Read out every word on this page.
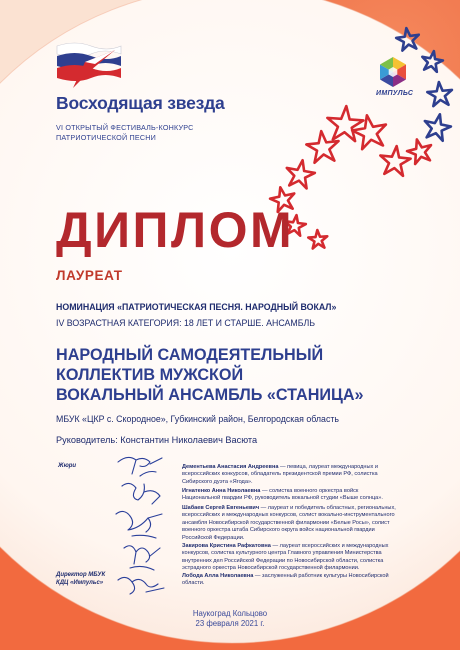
Восходящая звезда
VI ОТКРЫТЫЙ ФЕСТИВАЛЬ-КОНКУРС
ПАТРИОТИЧЕСКОЙ ПЕСНИ
ИМПУЛЬС
ДИПЛОМ
ЛАУРЕАТ
НОМИНАЦИЯ «ПАТРИОТИЧЕСКАЯ ПЕСНЯ. НАРОДНЫЙ ВОКАЛ»
IV ВОЗРАСТНАЯ КАТЕГОРИЯ: 18 ЛЕТ И СТАРШЕ. АНСАМБЛЬ
НАРОДНЫЙ САМОДЕЯТЕЛЬНЫЙ
КОЛЛЕКТИВ МУЖСКОЙ
ВОКАЛЬНЫЙ АНСАМБЛЬ «СТАНИЦА»
МБУК «ЦКР с. Скородное», Губкинский район, Белгородская область
Руководитель: Константин Николаевич Васюта
Жюри	Дементьева Анастасия Андреевна — певица, лауреат международных и всероссийских конкурсов, обладатель президентской премии РФ, солистка Сибирского дуэта «Ягода».
Игнатенко Анна Николаевна — солистка военного оркестра войск Национальной гвардии РФ, руководитель вокальной студии «Выше солнца».
Шабаев Сергей Евгеньевич — лауреат и победитель областных, региональных, всероссийских и международных конкурсов, солист вокально-инструментального ансамбля Новосибирской государственной филармонии «Белые Росы», солист военного оркестра штаба Сибирского округа войск национальной гвардии Российской Федерации.
Закирова Кристина Рафкатовна — лауреат всероссийских и международных конкурсов, солистка культурного центра Главного управления Министерства внутренних дел Российской Федерации по Новосибирской области, солистка эстрадного оркестра Новосибирской государственной филармонии.
Директор МБУК
КДЦ «Импульс»
Лобода Алла Николаевна — заслуженный работник культуры Новосибирской области.
Наукоград Кольцово
23 февраля 2021 г.
